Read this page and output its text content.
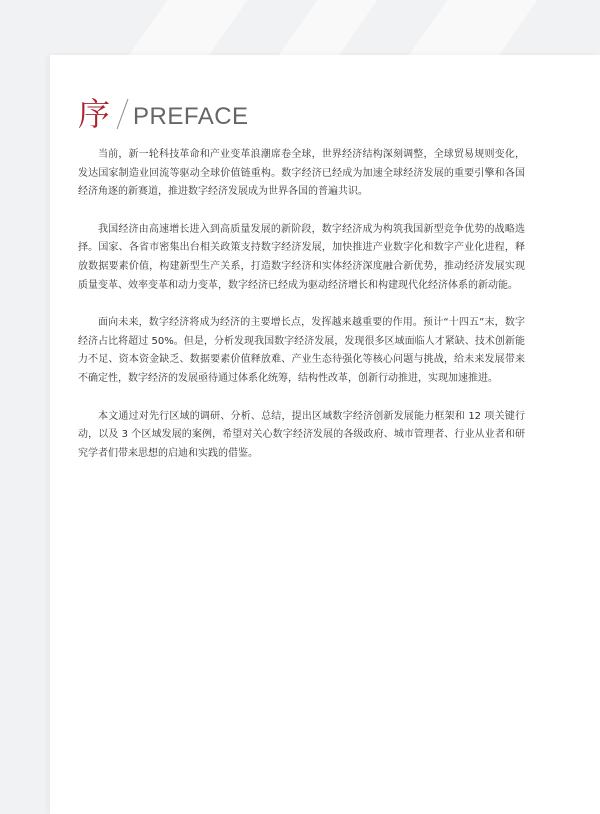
序 PREFACE

当前，新一轮科技革命和产业变革浪潮席卷全球，世界经济结构深刻调整，全球贸易规则变化，发达国家制造业回流等驱动全球价值链重构。数字经济已经成为加速全球经济发展的重要引擎和各国经济角逐的新赛道，推进数字经济发展成为世界各国的普遍共识。

我国经济由高速增长进入到高质量发展的新阶段，数字经济成为构筑我国新型竞争优势的战略选择。国家、各省市密集出台相关政策支持数字经济发展，加快推进产业数字化和数字产业化进程，释放数据要素价值，构建新型生产关系，打造数字经济和实体经济深度融合新优势，推动经济发展实现质量变革、效率变革和动力变革，数字经济已经成为驱动经济增长和构建现代化经济体系的新动能。

面向未来，数字经济将成为经济的主要增长点，发挥越来越重要的作用。预计“十四五”末，数字经济占比将超过 50%。但是，分析发现我国数字经济发展，发现很多区域面临人才紧缺、技术创新能力不足、资本资金缺乏、数据要素价值释放难、产业生态待强化等核心问题与挑战，给未来发展带来不确定性，数字经济的发展亟待通过体系化统筹，结构性改革，创新行动推进，实现加速推进。

本文通过对先行区域的调研、分析、总结，提出区域数字经济创新发展能力框架和 12 项关键行动，以及 3 个区域发展的案例，希望对关心数字经济发展的各级政府、城市管理者、行业从业者和研究学者们带来思想的启迪和实践的借鉴。
